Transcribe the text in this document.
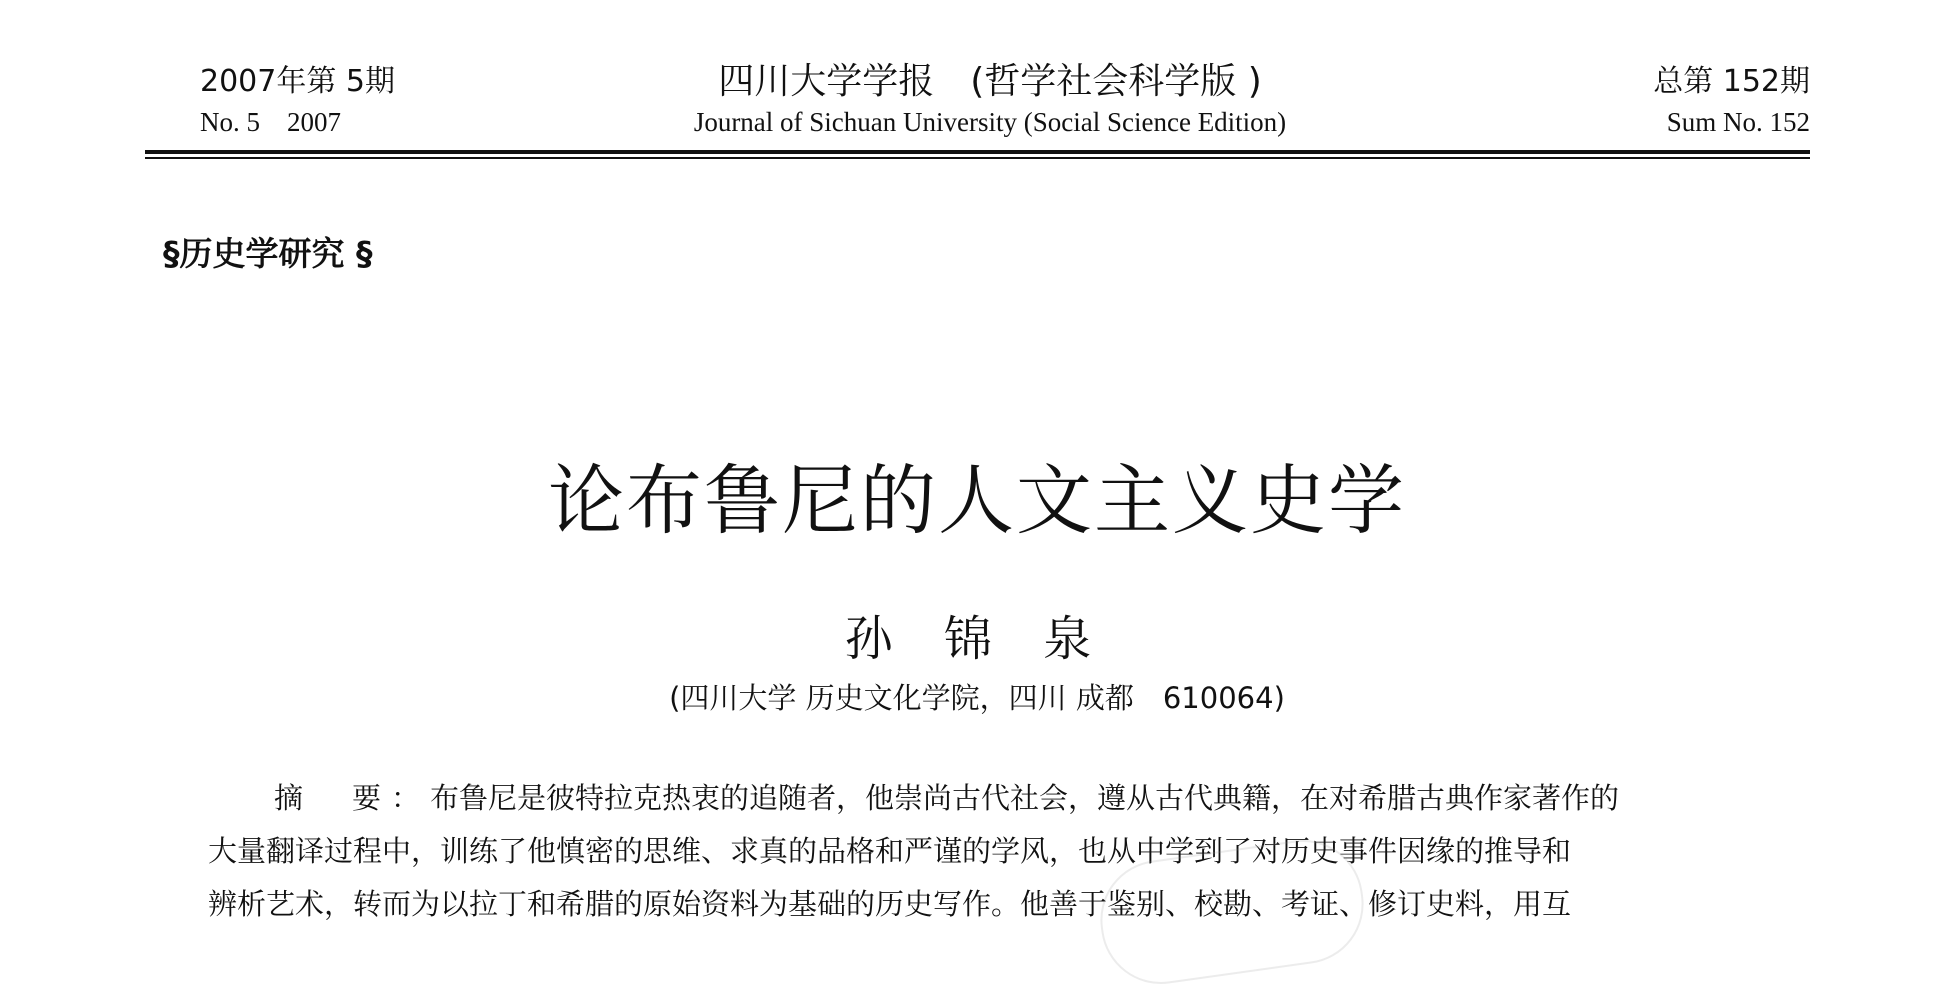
2007年第 5期
No. 5　2007
四川大学学报　(哲学社会科学版 )
Journal of Sichuan University (Social Science Edition)
总第 152期
Sum No. 152
§历史学研究 §
论布鲁尼的人文主义史学
孙 锦 泉
(四川大学 历史文化学院，四川 成都　610064)
摘　要：布鲁尼是彼特拉克热衷的追随者，他崇尚古代社会，遵从古代典籍，在对希腊古典作家著作的
大量翻译过程中，训练了他慎密的思维、求真的品格和严谨的学风，也从中学到了对历史事件因缘的推导和
辨析艺术，转而为以拉丁和希腊的原始资料为基础的历史写作。他善于鉴别、校勘、考证、修订史料，用互
